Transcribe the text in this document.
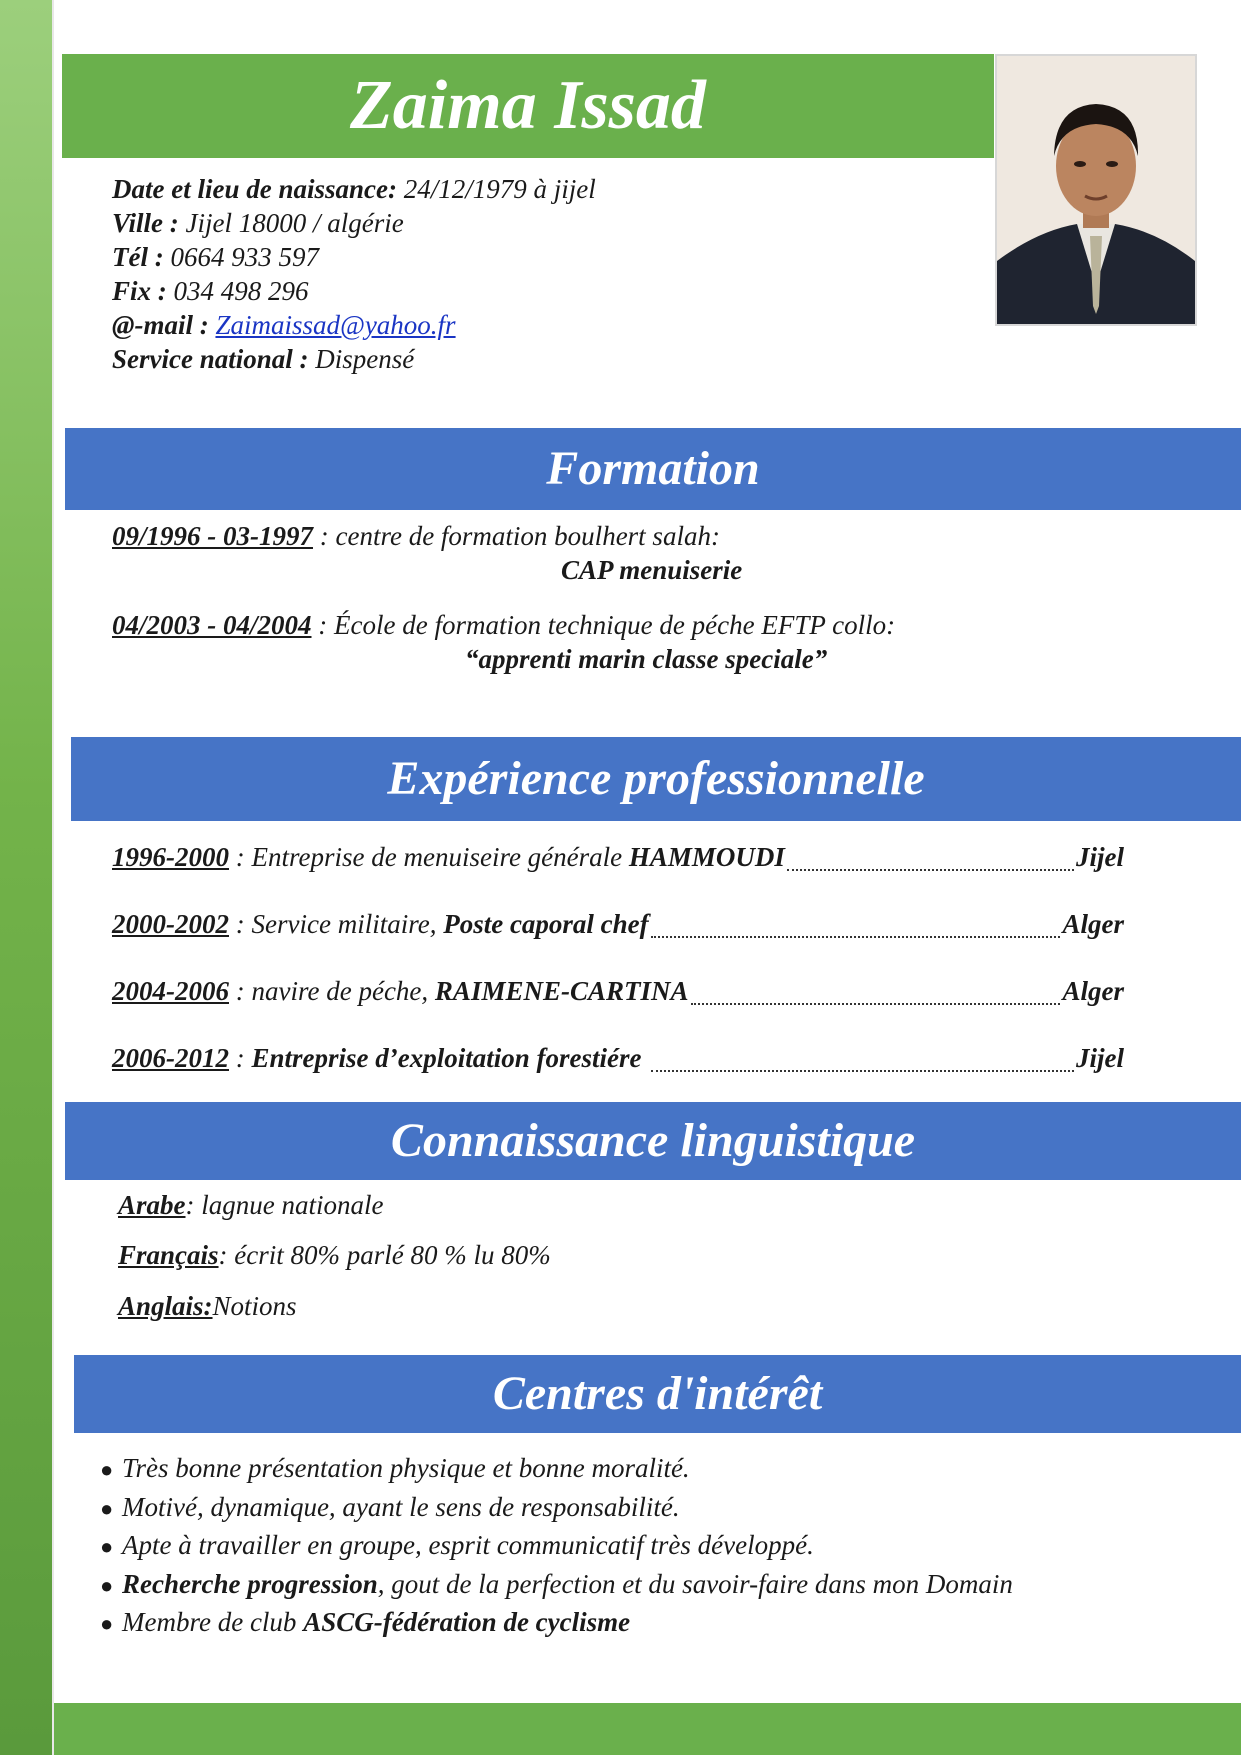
Zaima Issad
Date et lieu de naissance: 24/12/1979 à jijel
Ville : Jijel 18000 / algérie
Tél : 0664 933 597
Fix : 034 498 296
@-mail : Zaimaissad@yahoo.fr
Service national : Dispensé
Formation
09/1996 - 03-1997 : centre de formation boulhert salah:
CAP menuiserie
04/2003 - 04/2004 : École de formation technique de péche EFTP collo:
“apprenti marin classe speciale”
Expérience professionnelle
1996-2000 : Entreprise de menuiseire générale HAMMOUDI	Jijel
2000-2002 : Service militaire, Poste caporal chef	Alger
2004-2006 : navire de péche, RAIMENE-CARTINA	Alger
2006-2012 : Entreprise d’exploitation forestiére	Jijel
Connaissance linguistique
Arabe: lagnue nationale
Français: écrit 80% parlé 80 % lu 80%
Anglais:Notions
Centres d'intérêt
● Très bonne présentation physique et bonne moralité.
● Motivé, dynamique, ayant le sens de responsabilité.
● Apte à travailler en groupe, esprit communicatif très développé.
● Recherche progression, gout de la perfection et du savoir-faire dans mon Domain
● Membre de club ASCG-fédération de cyclisme
